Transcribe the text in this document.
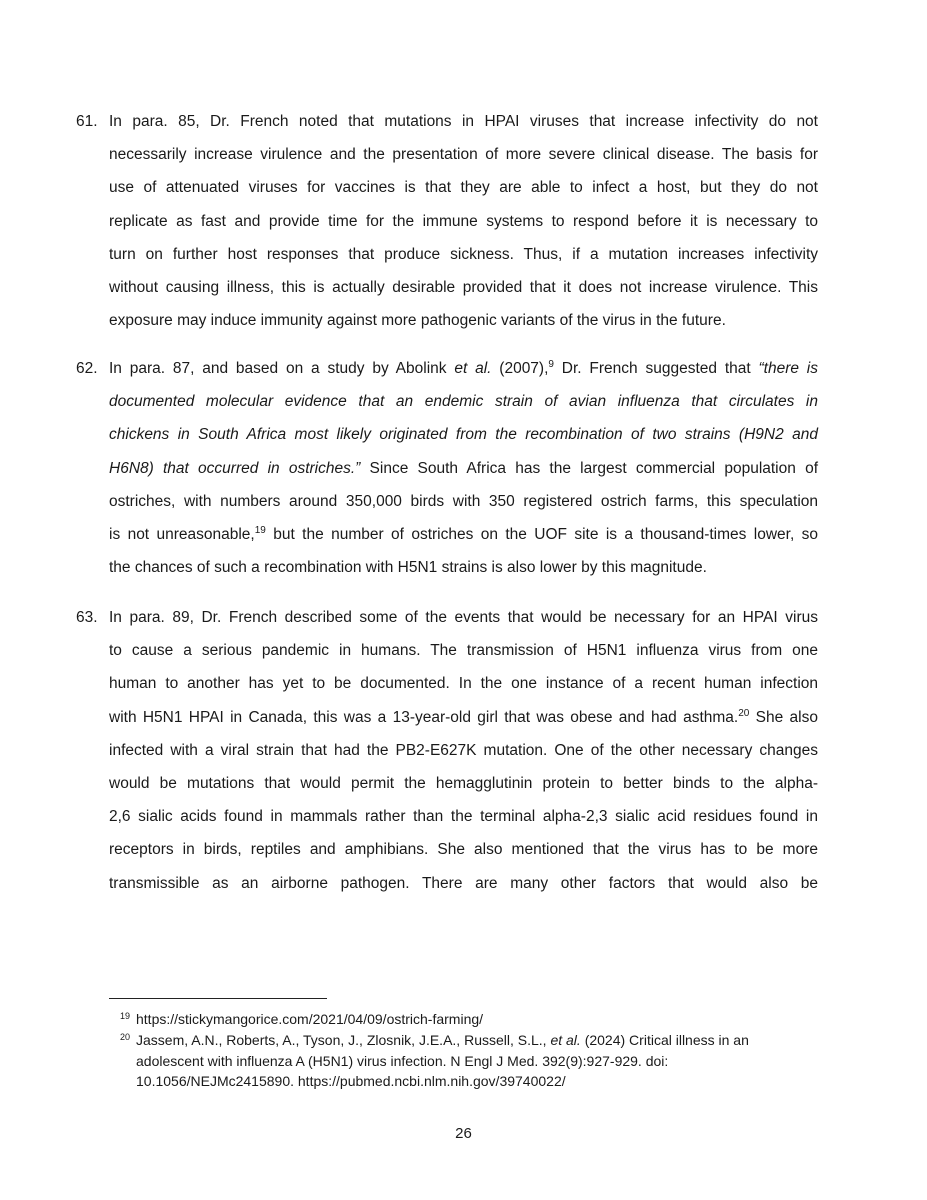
61. In para. 85, Dr. French noted that mutations in HPAI viruses that increase infectivity do not
necessarily increase virulence and the presentation of more severe clinical disease. The basis for
use of attenuated viruses for vaccines is that they are able to infect a host, but they do not
replicate as fast and provide time for the immune systems to respond before it is necessary to
turn on further host responses that produce sickness. Thus, if a mutation increases infectivity
without causing illness, this is actually desirable provided that it does not increase virulence. This
exposure may induce immunity against more pathogenic variants of the virus in the future.
62. In para. 87, and based on a study by Abolink et al. (2007),$^9$ Dr. French suggested that “there is
documented molecular evidence that an endemic strain of avian influenza that circulates in
chickens in South Africa most likely originated from the recombination of two strains (H9N2 and
H6N8) that occurred in ostriches.” Since South Africa has the largest commercial population of
ostriches, with numbers around 350,000 birds with 350 registered ostrich farms, this speculation
is not unreasonable,$^{19}$ but the number of ostriches on the UOF site is a thousand-times lower, so
the chances of such a recombination with H5N1 strains is also lower by this magnitude.
63. In para. 89, Dr. French described some of the events that would be necessary for an HPAI virus
to cause a serious pandemic in humans. The transmission of H5N1 influenza virus from one
human to another has yet to be documented. In the one instance of a recent human infection
with H5N1 HPAI in Canada, this was a 13-year-old girl that was obese and had asthma.$^{20}$ She also
infected with a viral strain that had the PB2-E627K mutation. One of the other necessary changes
would be mutations that would permit the hemagglutinin protein to better binds to the alpha-
2,6 sialic acids found in mammals rather than the terminal alpha-2,3 sialic acid residues found in
receptors in birds, reptiles and amphibians. She also mentioned that the virus has to be more
transmissible as an airborne pathogen. There are many other factors that would also be
19 https://stickymangorice.com/2021/04/09/ostrich-farming/
20 Jassem, A.N., Roberts, A., Tyson, J., Zlosnik, J.E.A., Russell, S.L., et al. (2024) Critical illness in an
adolescent with influenza A (H5N1) virus infection. N Engl J Med. 392(9):927-929. doi:
10.1056/NEJMc2415890. https://pubmed.ncbi.nlm.nih.gov/39740022/
26
